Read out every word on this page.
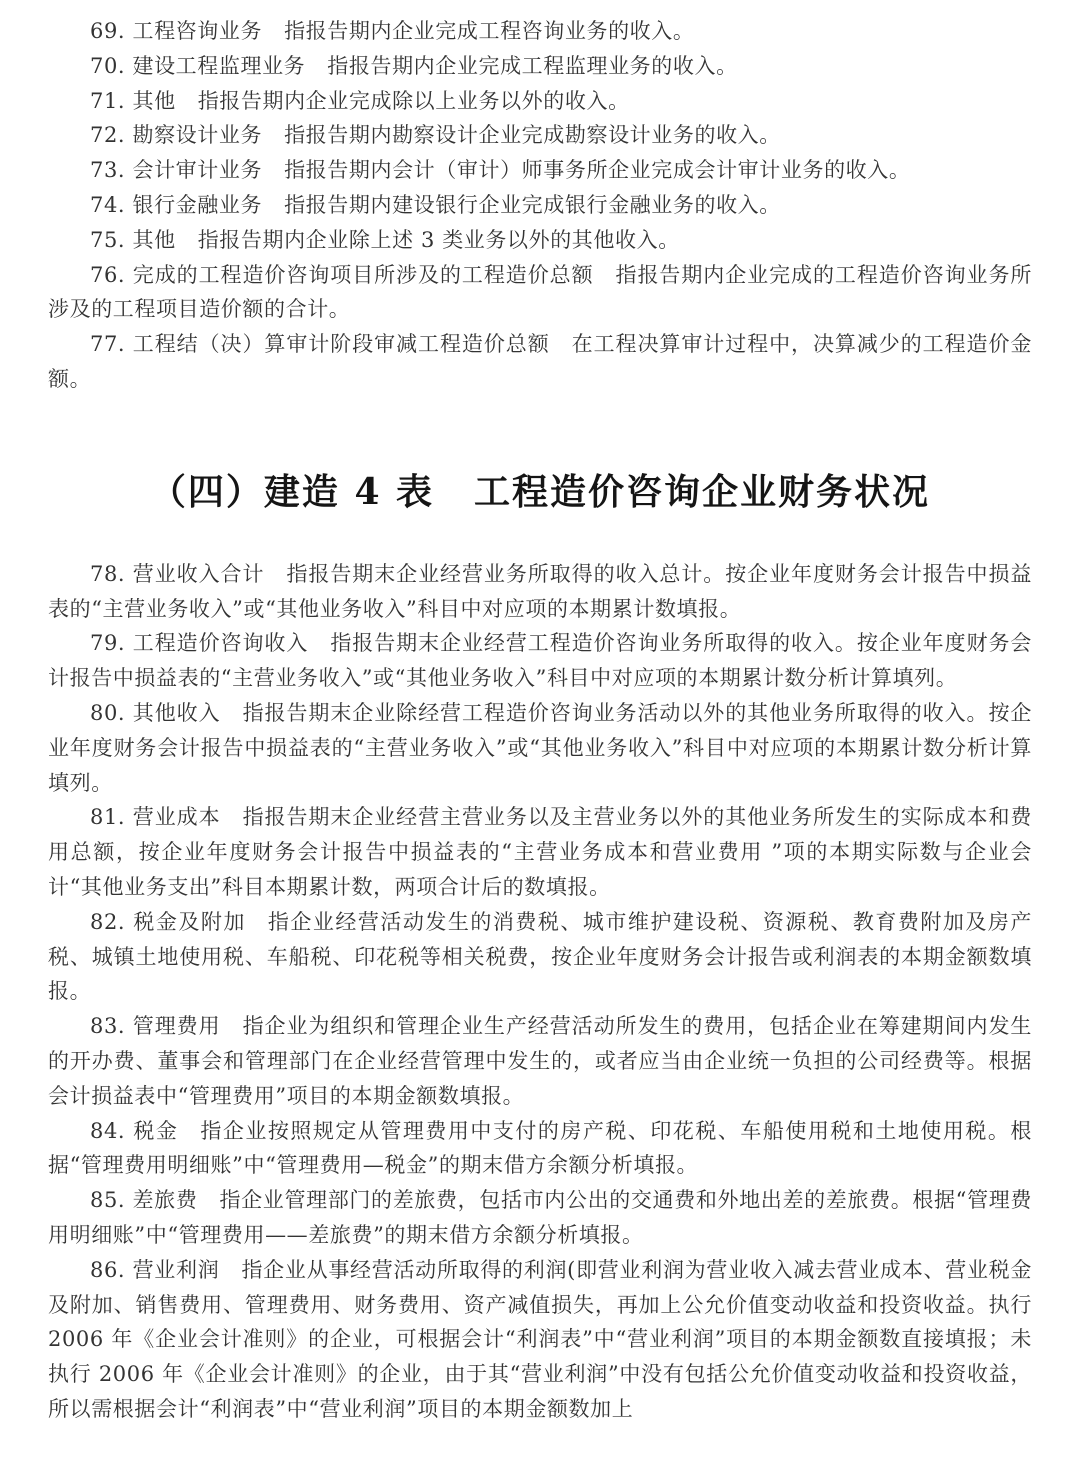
69. 工程咨询业务 指报告期内企业完成工程咨询业务的收入。

70. 建设工程监理业务 指报告期内企业完成工程监理业务的收入。

71. 其他 指报告期内企业完成除以上业务以外的收入。

72. 勘察设计业务 指报告期内勘察设计企业完成勘察设计业务的收入。

73. 会计审计业务 指报告期内会计（审计）师事务所企业完成会计审计业务的收入。

74. 银行金融业务 指报告期内建设银行企业完成银行金融业务的收入。

75. 其他 指报告期内企业除上述 3 类业务以外的其他收入。

76. 完成的工程造价咨询项目所涉及的工程造价总额 指报告期内企业完成的工程造价咨询业务所涉及的工程项目造价额的合计。

77. 工程结（决）算审计阶段审减工程造价总额 在工程决算审计过程中，决算减少的工程造价金额。

（四）建造 4 表 工程造价咨询企业财务状况

78. 营业收入合计 指报告期末企业经营业务所取得的收入总计。按企业年度财务会计报告中损益表的“主营业务收入”或“其他业务收入”科目中对应项的本期累计数填报。

79. 工程造价咨询收入 指报告期末企业经营工程造价咨询业务所取得的收入。按企业年度财务会计报告中损益表的“主营业务收入”或“其他业务收入”科目中对应项的本期累计数分析计算填列。

80. 其他收入 指报告期末企业除经营工程造价咨询业务活动以外的其他业务所取得的收入。按企业年度财务会计报告中损益表的“主营业务收入”或“其他业务收入”科目中对应项的本期累计数分析计算填列。

81. 营业成本 指报告期末企业经营主营业务以及主营业务以外的其他业务所发生的实际成本和费用总额，按企业年度财务会计报告中损益表的“主营业务成本和营业费用 ”项的本期实际数与企业会计“其他业务支出”科目本期累计数，两项合计后的数填报。

82. 税金及附加 指企业经营活动发生的消费税、城市维护建设税、资源税、教育费附加及房产税、城镇土地使用税、车船税、印花税等相关税费，按企业年度财务会计报告或利润表的本期金额数填报。

83. 管理费用 指企业为组织和管理企业生产经营活动所发生的费用，包括企业在筹建期间内发生的开办费、董事会和管理部门在企业经营管理中发生的，或者应当由企业统一负担的公司经费等。根据会计损益表中“管理费用”项目的本期金额数填报。

84. 税金 指企业按照规定从管理费用中支付的房产税、印花税、车船使用税和土地使用税。根据“管理费用明细账”中“管理费用—税金”的期末借方余额分析填报。

85. 差旅费 指企业管理部门的差旅费，包括市内公出的交通费和外地出差的差旅费。根据“管理费用明细账”中“管理费用——差旅费”的期末借方余额分析填报。

86. 营业利润 指企业从事经营活动所取得的利润(即营业利润为营业收入减去营业成本、营业税金及附加、销售费用、管理费用、财务费用、资产减值损失，再加上公允价值变动收益和投资收益。执行 2006 年《企业会计准则》的企业，可根据会计“利润表”中“营业利润”项目的本期金额数直接填报；未执行 2006 年《企业会计准则》的企业，由于其“营业利润”中没有包括公允价值变动收益和投资收益，所以需根据会计“利润表”中“营业利润”项目的本期金额数加上
